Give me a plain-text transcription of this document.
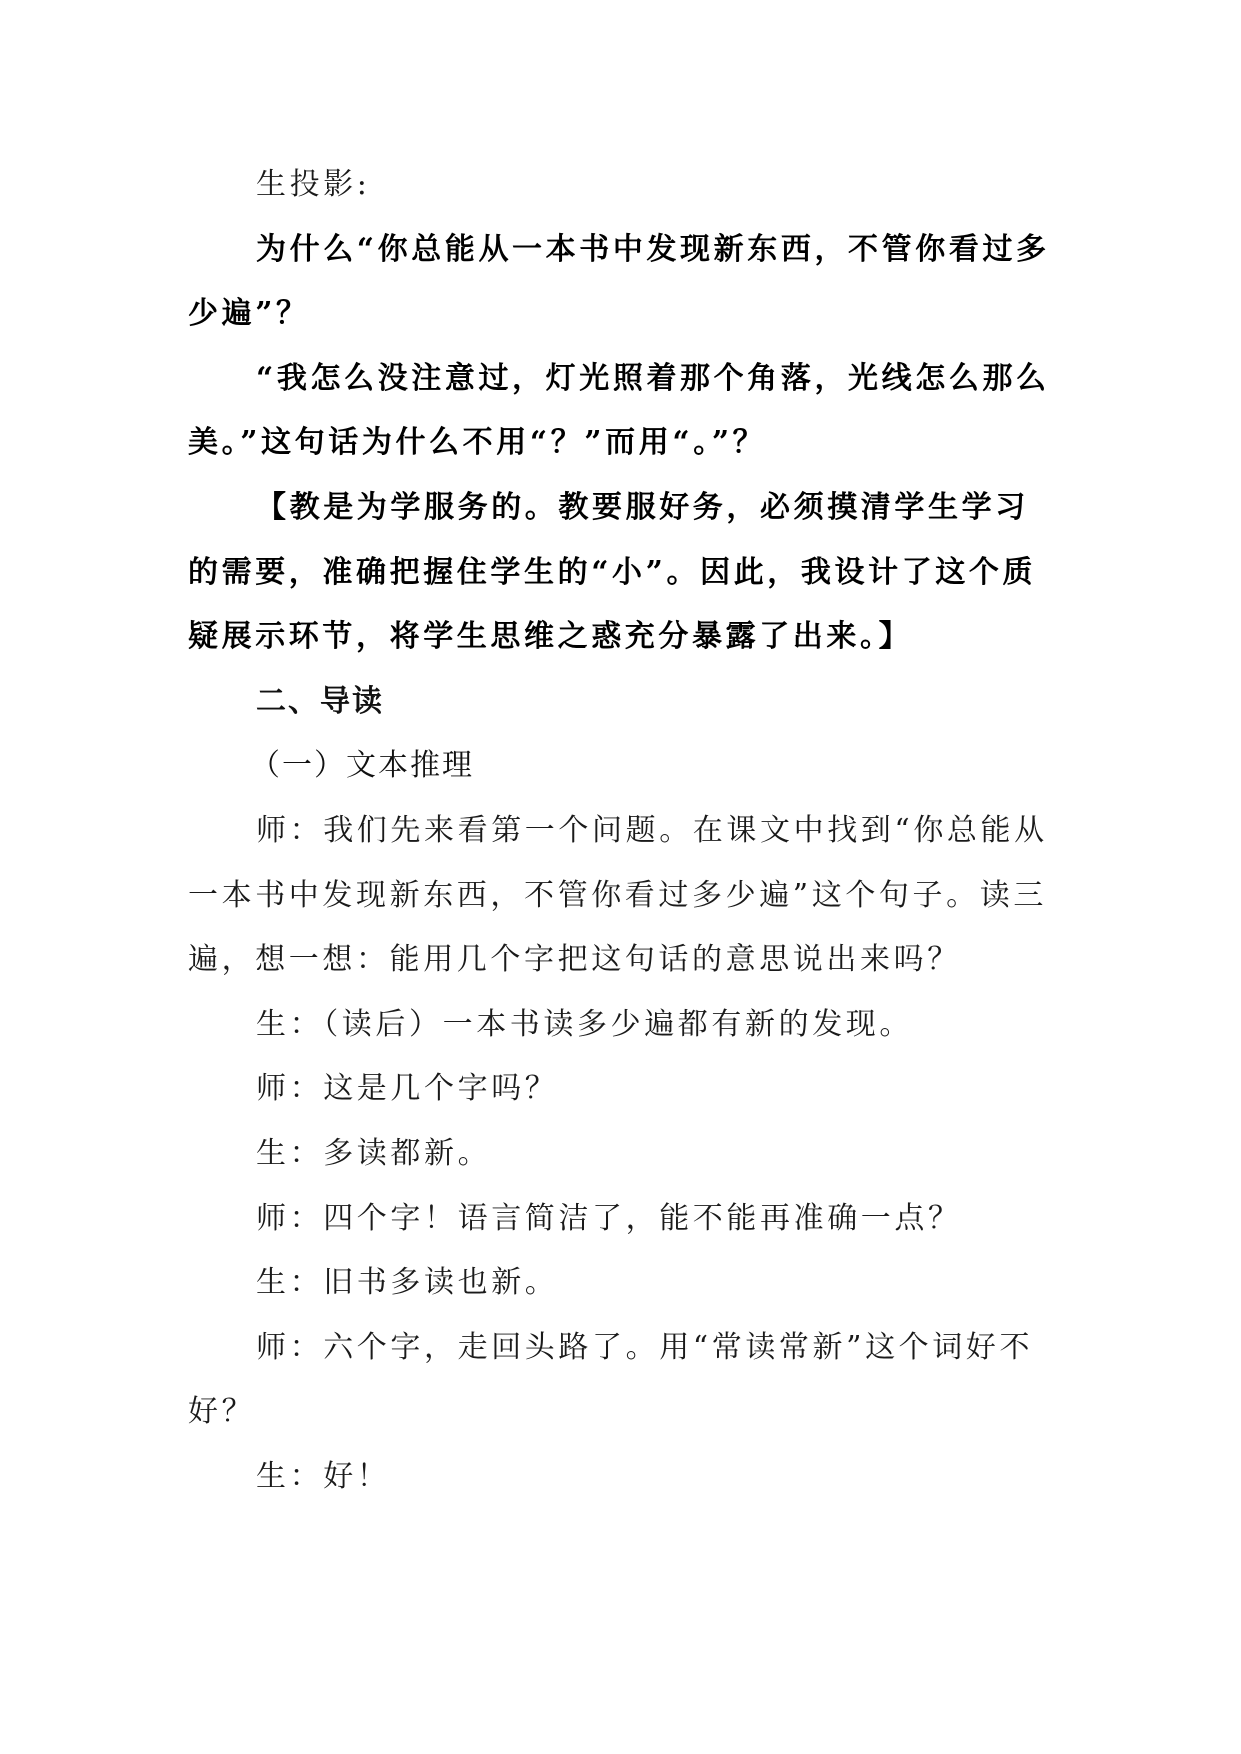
生投影:

为什么“你总能从一本书中发现新东西，不管你看过多少遍”？

“我怎么没注意过，灯光照着那个角落，光线怎么那么美。”这句话为什么不用“？”而用“。”？

【教是为学服务的。教要服好务，必须摸清学生学习的需要，准确把握住学生的“小”。因此，我设计了这个质疑展示环节，将学生思维之惑充分暴露了出来。】

二、导读

（一）文本推理

师：我们先来看第一个问题。在课文中找到“你总能从一本书中发现新东西，不管你看过多少遍”这个句子。读三遍，想一想：能用几个字把这句话的意思说出来吗？

生：（读后）一本书读多少遍都有新的发现。

师：这是几个字吗？

生：多读都新。

师：四个字！语言简洁了，能不能再准确一点？

生：旧书多读也新。

师：六个字，走回头路了。用“常读常新”这个词好不好？

生：好！
